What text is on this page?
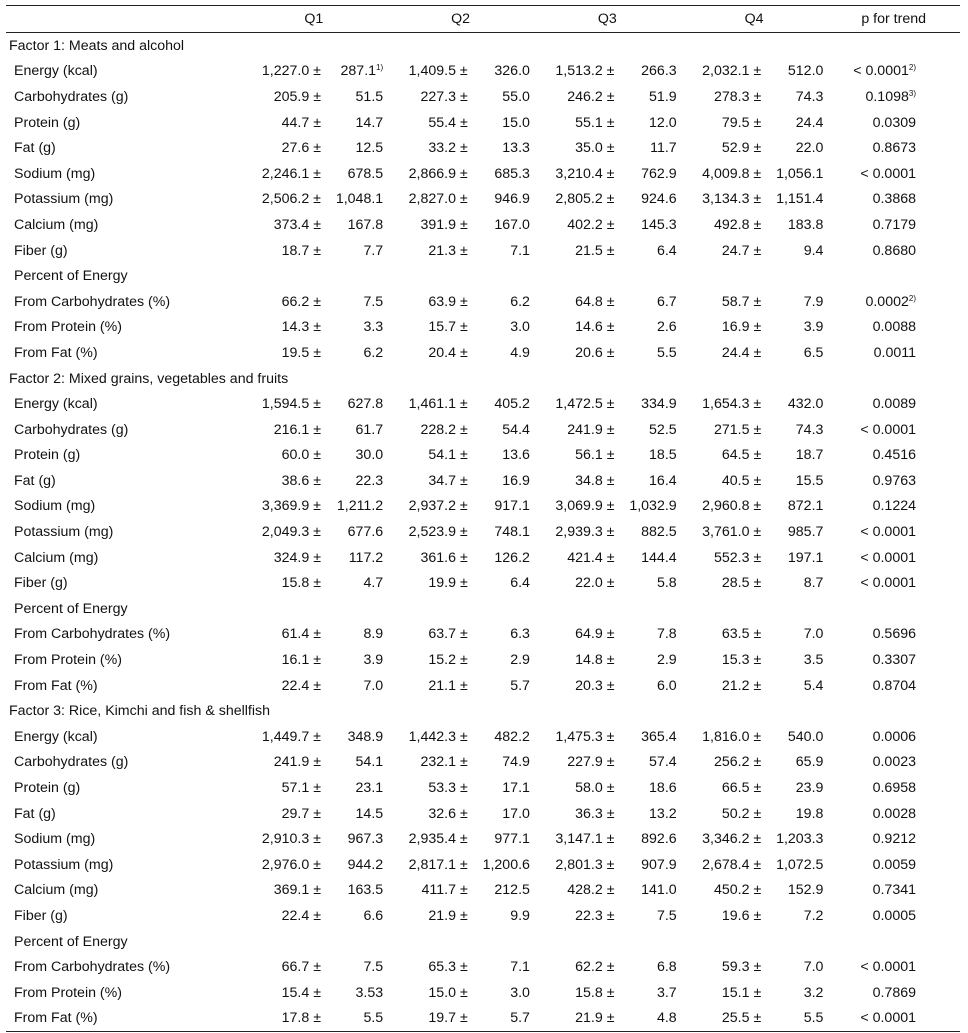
	Q1		Q2		Q3		Q4		p for trend
Factor 1: Meats and alcohol									
Energy (kcal)	1,227.0 ±	$287.1^{1)}$	1,409.5 ±	326.0	1,513.2 ±	266.3	2,032.1 ±	512.0	< $0.0001^{2)}$
Carbohydrates (g)	205.9 ±	51.5	227.3 ±	55.0	246.2 ±	51.9	278.3 ±	74.3	0.1098$^{3)}$
Protein (g)	44.7 ±	14.7	55.4 ±	15.0	55.1 ±	12.0	79.5 ±	24.4	0.0309
Fat (g)	27.6 ±	12.5	33.2 ±	13.3	35.0 ±	11.7	52.9 ±	22.0	0.8673
Sodium (mg)	2,246.1 ±	678.5	2,866.9 ±	685.3	3,210.4 ±	762.9	4,009.8 ±	1,056.1	< 0.0001
Potassium (mg)	2,506.2 ±	1,048.1	2,827.0 ±	946.9	2,805.2 ±	924.6	3,134.3 ±	1,151.4	0.3868
Calcium (mg)	373.4 ±	167.8	391.9 ±	167.0	402.2 ±	145.3	492.8 ±	183.8	0.7179
Fiber (g)	18.7 ±	7.7	21.3 ±	7.1	21.5 ±	6.4	24.7 ±	9.4	0.8680
Percent of Energy									
From Carbohydrates (%)	66.2 ±	7.5	63.9 ±	6.2	64.8 ±	6.7	58.7 ±	7.9	0.0002$^{2)}$
From Protein (%)	14.3 ±	3.3	15.7 ±	3.0	14.6 ±	2.6	16.9 ±	3.9	0.0088
From Fat (%)	19.5 ±	6.2	20.4 ±	4.9	20.6 ±	5.5	24.4 ±	6.5	0.0011
Factor 2: Mixed grains, vegetables and fruits									
Energy (kcal)	1,594.5 ±	627.8	1,461.1 ±	405.2	1,472.5 ±	334.9	1,654.3 ±	432.0	0.0089
Carbohydrates (g)	216.1 ±	61.7	228.2 ±	54.4	241.9 ±	52.5	271.5 ±	74.3	< 0.0001
Protein (g)	60.0 ±	30.0	54.1 ±	13.6	56.1 ±	18.5	64.5 ±	18.7	0.4516
Fat (g)	38.6 ±	22.3	34.7 ±	16.9	34.8 ±	16.4	40.5 ±	15.5	0.9763
Sodium (mg)	3,369.9 ±	1,211.2	2,937.2 ±	917.1	3,069.9 ±	1,032.9	2,960.8 ±	872.1	0.1224
Potassium (mg)	2,049.3 ±	677.6	2,523.9 ±	748.1	2,939.3 ±	882.5	3,761.0 ±	985.7	< 0.0001
Calcium (mg)	324.9 ±	117.2	361.6 ±	126.2	421.4 ±	144.4	552.3 ±	197.1	< 0.0001
Fiber (g)	15.8 ±	4.7	19.9 ±	6.4	22.0 ±	5.8	28.5 ±	8.7	< 0.0001
Percent of Energy									
From Carbohydrates (%)	61.4 ±	8.9	63.7 ±	6.3	64.9 ±	7.8	63.5 ±	7.0	0.5696
From Protein (%)	16.1 ±	3.9	15.2 ±	2.9	14.8 ±	2.9	15.3 ±	3.5	0.3307
From Fat (%)	22.4 ±	7.0	21.1 ±	5.7	20.3 ±	6.0	21.2 ±	5.4	0.8704
Factor 3: Rice, Kimchi and fish & shellfish									
Energy (kcal)	1,449.7 ±	348.9	1,442.3 ±	482.2	1,475.3 ±	365.4	1,816.0 ±	540.0	0.0006
Carbohydrates (g)	241.9 ±	54.1	232.1 ±	74.9	227.9 ±	57.4	256.2 ±	65.9	0.0023
Protein (g)	57.1 ±	23.1	53.3 ±	17.1	58.0 ±	18.6	66.5 ±	23.9	0.6958
Fat (g)	29.7 ±	14.5	32.6 ±	17.0	36.3 ±	13.2	50.2 ±	19.8	0.0028
Sodium (mg)	2,910.3 ±	967.3	2,935.4 ±	977.1	3,147.1 ±	892.6	3,346.2 ±	1,203.3	0.9212
Potassium (mg)	2,976.0 ±	944.2	2,817.1 ±	1,200.6	2,801.3 ±	907.9	2,678.4 ±	1,072.5	0.0059
Calcium (mg)	369.1 ±	163.5	411.7 ±	212.5	428.2 ±	141.0	450.2 ±	152.9	0.7341
Fiber (g)	22.4 ±	6.6	21.9 ±	9.9	22.3 ±	7.5	19.6 ±	7.2	0.0005
Percent of Energy									
From Carbohydrates (%)	66.7 ±	7.5	65.3 ±	7.1	62.2 ±	6.8	59.3 ±	7.0	< 0.0001
From Protein (%)	15.4 ±	3.53	15.0 ±	3.0	15.8 ±	3.7	15.1 ±	3.2	0.7869
From Fat (%)	17.8 ±	5.5	19.7 ±	5.7	21.9 ±	4.8	25.5 ±	5.5	< 0.0001
